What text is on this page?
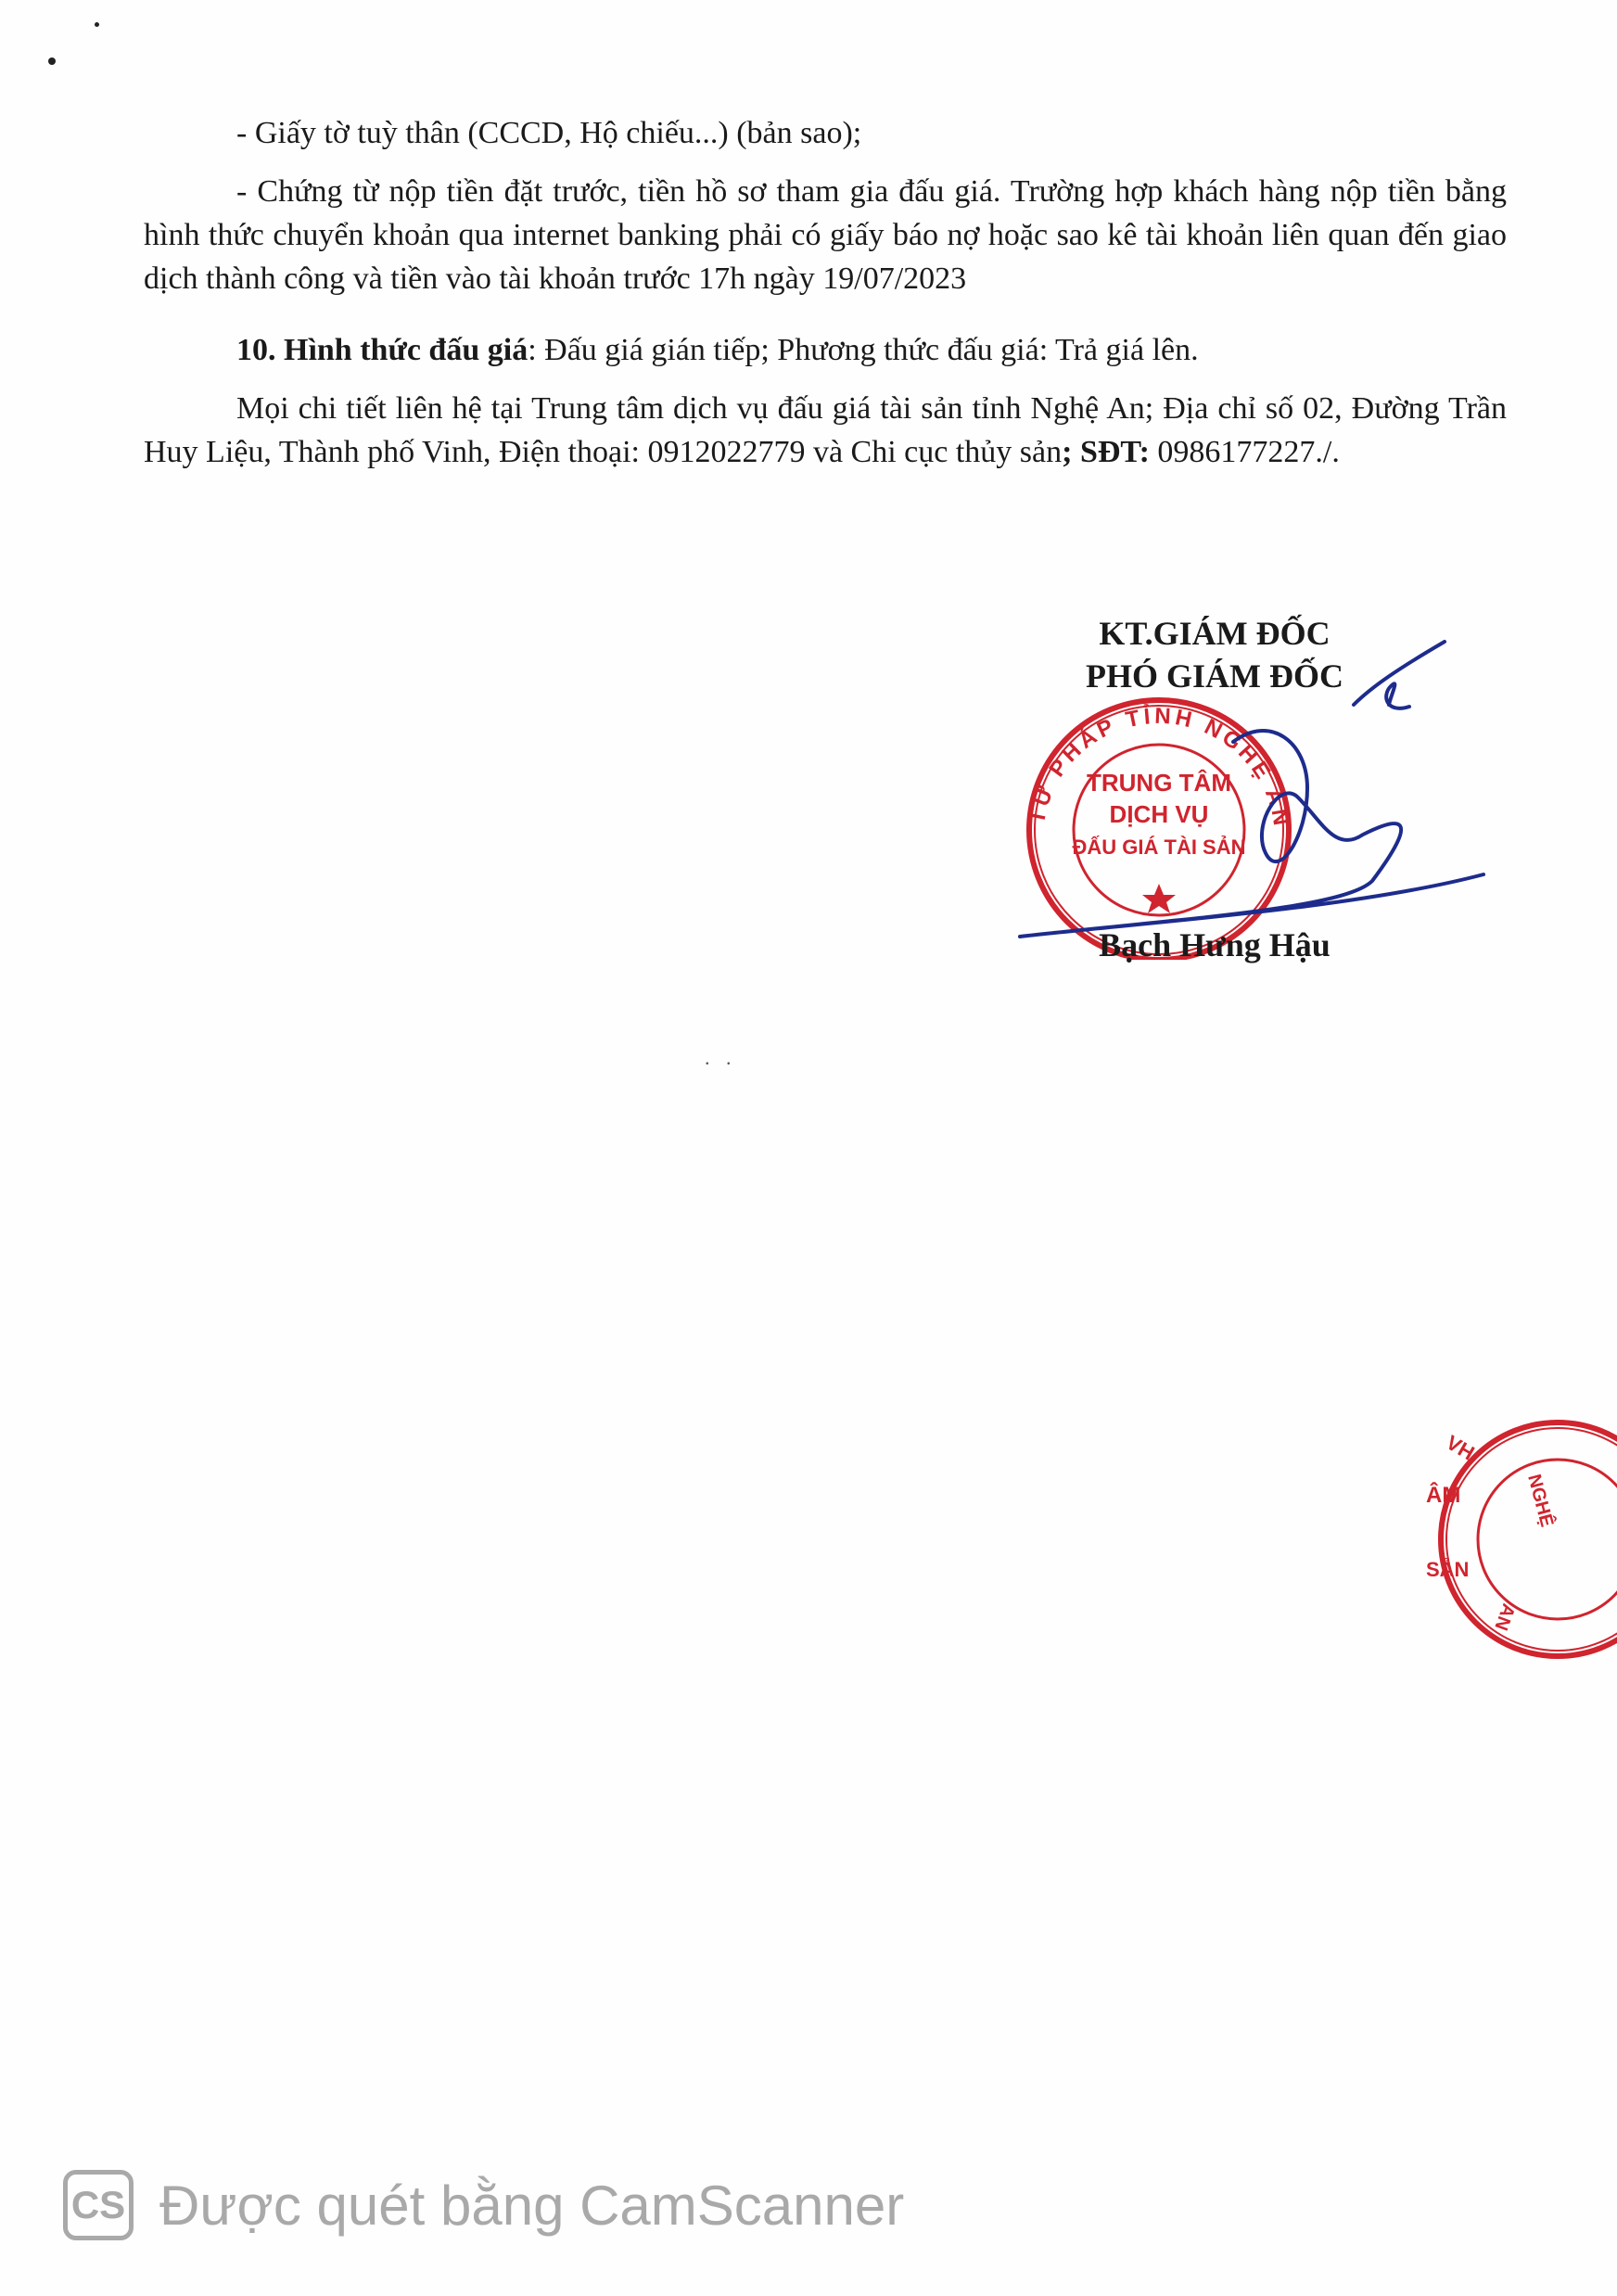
- Giấy tờ tuỳ thân (CCCD, Hộ chiếu...) (bản sao);

- Chứng từ nộp tiền đặt trước, tiền hồ sơ tham gia đấu giá. Trường hợp khách hàng nộp tiền bằng hình thức chuyển khoản qua internet banking phải có giấy báo nợ hoặc sao kê tài khoản liên quan đến giao dịch thành công và tiền vào tài khoản trước 17h ngày 19/07/2023

10. Hình thức đấu giá: Đấu giá gián tiếp; Phương thức đấu giá: Trả giá lên.

Mọi chi tiết liên hệ tại Trung tâm dịch vụ đấu giá tài sản tỉnh Nghệ An; Địa chỉ số 02, Đường Trần Huy Liệu, Thành phố Vinh, Điện thoại: 0912022779 và Chi cục thủy sản; SĐT: 0986177227./.

KT.GIÁM ĐỐC
PHÓ GIÁM ĐỐC
TƯ PHÁP TỈNH NGHỆ AN
TRUNG TÂM
DỊCH VỤ
ĐẤU GIÁ TÀI SẢN
Bạch Hưng Hậu
. .
VH
NGHỆ
ÂM
SẢN
AN
CS Được quét bằng CamScanner
